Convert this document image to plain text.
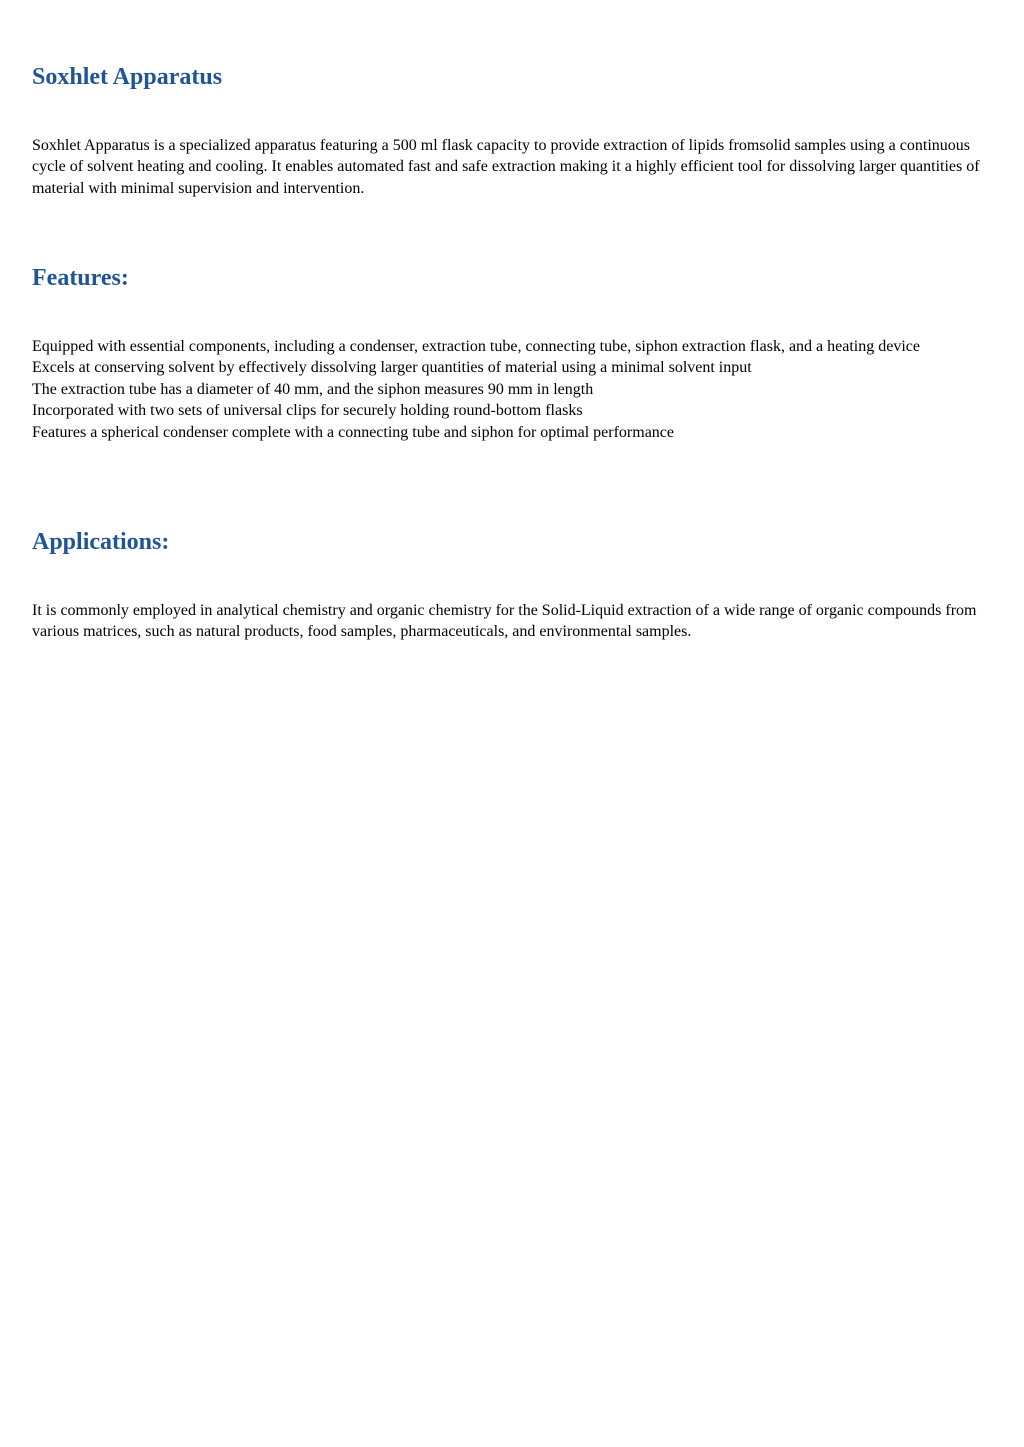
Soxhlet Apparatus

Soxhlet Apparatus is a specialized apparatus featuring a 500 ml flask capacity to provide extraction of lipids fromsolid samples using a continuous cycle of solvent heating and cooling. It enables automated fast and safe extraction making it a highly efficient tool for dissolving larger quantities of material with minimal supervision and intervention.

Features:
Equipped with essential components, including a condenser, extraction tube, connecting tube, siphon extraction flask, and a heating device
Excels at conserving solvent by effectively dissolving larger quantities of material using a minimal solvent input
The extraction tube has a diameter of 40 mm, and the siphon measures 90 mm in length
Incorporated with two sets of universal clips for securely holding round-bottom flasks
Features a spherical condenser complete with a connecting tube and siphon for optimal performance
Applications:

It is commonly employed in analytical chemistry and organic chemistry for the Solid-Liquid extraction of a wide range of organic compounds from various matrices, such as natural products, food samples, pharmaceuticals, and environmental samples.
